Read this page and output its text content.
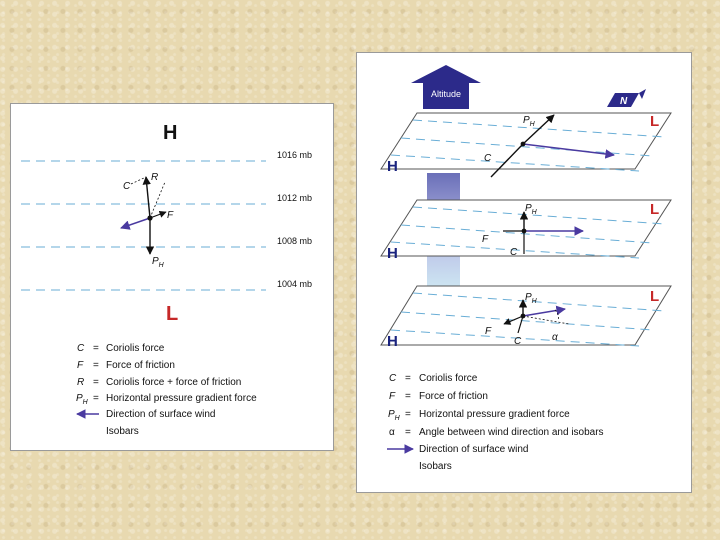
H
L
1016 mb
1012 mb
1008 mb
1004 mb
C
R
F
$P_H$
C = Coriolis force
F = Force of friction
R = Coriolis force + force of friction
$P_H$ = Horizontal pressure gradient force
Direction of surface wind
Isobars
Altitude
N
$P_H$
C
H
L
$P_H$
F
C
H
L
$P_H$
F
C	α
H
L
C = Coriolis force
F = Force of friction
$P_H$ = Horizontal pressure gradient force
α = Angle between wind direction and isobars
Direction of surface wind
Isobars
